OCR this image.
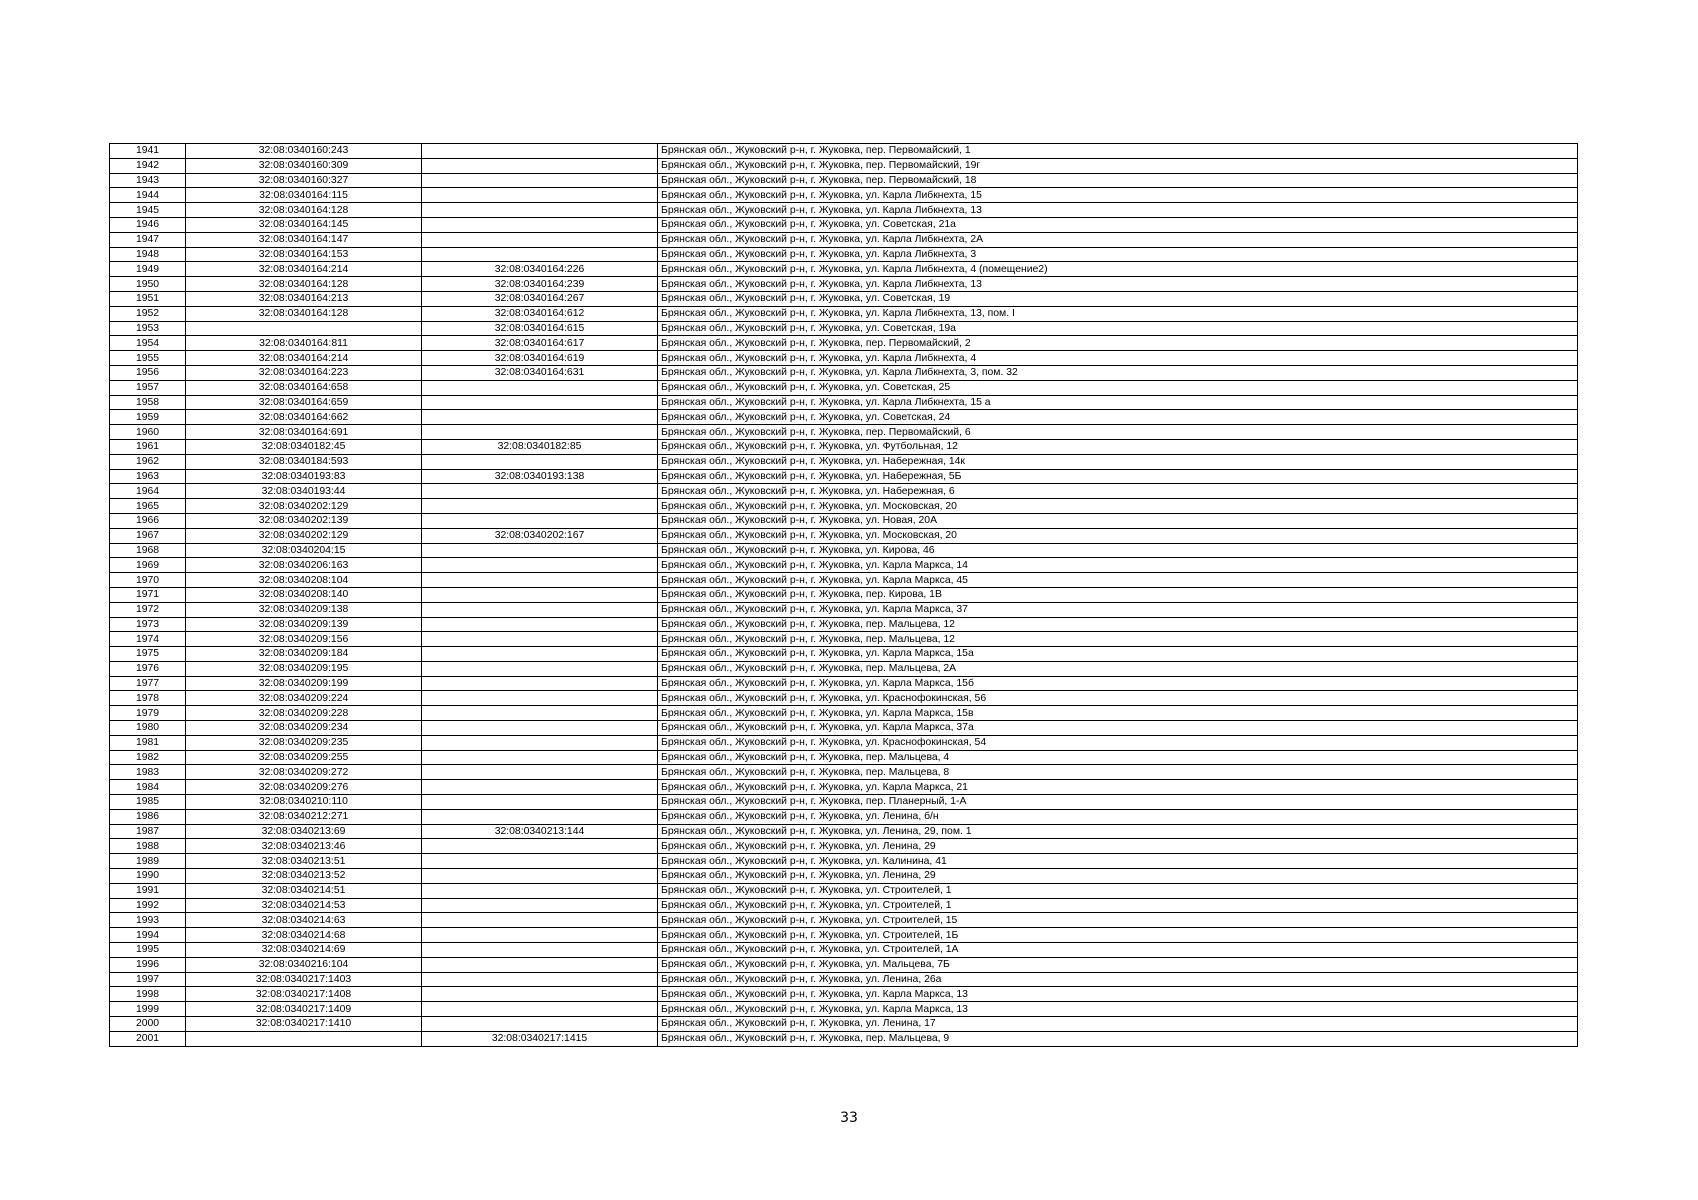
1941	32:08:0340160:243		Брянская обл., Жуковский р-н, г. Жуковка, пер. Первомайский, 1
1942	32:08:0340160:309		Брянская обл., Жуковский р-н, г. Жуковка, пер. Первомайский, 19г
1943	32:08:0340160:327		Брянская обл., Жуковский р-н, г. Жуковка, пер. Первомайский, 18
1944	32:08:0340164:115		Брянская обл., Жуковский р-н, г. Жуковка, ул. Карла Либкнехта, 15
1945	32:08:0340164:128		Брянская обл., Жуковский р-н, г. Жуковка, ул. Карла Либкнехта, 13
1946	32:08:0340164:145		Брянская обл., Жуковский р-н, г. Жуковка, ул. Советская, 21а
1947	32:08:0340164:147		Брянская обл., Жуковский р-н, г. Жуковка, ул. Карла Либкнехта, 2А
1948	32:08:0340164:153		Брянская обл., Жуковский р-н, г. Жуковка, ул. Карла Либкнехта, 3
1949	32:08:0340164:214	32:08:0340164:226	Брянская обл., Жуковский р-н, г. Жуковка, ул. Карла Либкнехта, 4 (помещение2)
1950	32:08:0340164:128	32:08:0340164:239	Брянская обл., Жуковский р-н, г. Жуковка, ул. Карла Либкнехта, 13
1951	32:08:0340164:213	32:08:0340164:267	Брянская обл., Жуковский р-н, г. Жуковка, ул. Советская, 19
1952	32:08:0340164:128	32:08:0340164:612	Брянская обл., Жуковский р-н, г. Жуковка, ул. Карла Либкнехта, 13, пом. I
1953		32:08:0340164:615	Брянская обл., Жуковский р-н, г. Жуковка, ул. Советская, 19а
1954	32:08:0340164:811	32:08:0340164:617	Брянская обл., Жуковский р-н, г. Жуковка, пер. Первомайский, 2
1955	32:08:0340164:214	32:08:0340164:619	Брянская обл., Жуковский р-н, г. Жуковка, ул. Карла Либкнехта, 4
1956	32:08:0340164:223	32:08:0340164:631	Брянская обл., Жуковский р-н, г. Жуковка, ул. Карла Либкнехта, 3, пом. 32
1957	32:08:0340164:658		Брянская обл., Жуковский р-н, г. Жуковка, ул. Советская, 25
1958	32:08:0340164:659		Брянская обл., Жуковский р-н, г. Жуковка, ул. Карла Либкнехта, 15 а
1959	32:08:0340164:662		Брянская обл., Жуковский р-н, г. Жуковка, ул. Советская, 24
1960	32:08:0340164:691		Брянская обл., Жуковский р-н, г. Жуковка, пер. Первомайский, 6
1961	32:08:0340182:45	32:08:0340182:85	Брянская обл., Жуковский р-н, г. Жуковка, ул. Футбольная, 12
1962	32:08:0340184:593		Брянская обл., Жуковский р-н, г. Жуковка, ул. Набережная, 14к
1963	32:08:0340193:83	32:08:0340193:138	Брянская обл., Жуковский р-н, г. Жуковка, ул. Набережная, 5Б
1964	32:08:0340193:44		Брянская обл., Жуковский р-н, г. Жуковка, ул. Набережная, 6
1965	32:08:0340202:129		Брянская обл., Жуковский р-н, г. Жуковка, ул. Московская, 20
1966	32:08:0340202:139		Брянская обл., Жуковский р-н, г. Жуковка, ул. Новая, 20А
1967	32:08:0340202:129	32:08:0340202:167	Брянская обл., Жуковский р-н, г. Жуковка, ул. Московская, 20
1968	32:08:0340204:15		Брянская обл., Жуковский р-н, г. Жуковка, ул. Кирова, 46
1969	32:08:0340206:163		Брянская обл., Жуковский р-н, г. Жуковка, ул. Карла Маркса, 14
1970	32:08:0340208:104		Брянская обл., Жуковский р-н, г. Жуковка, ул. Карла Маркса, 45
1971	32:08:0340208:140		Брянская обл., Жуковский р-н, г. Жуковка, пер. Кирова, 1В
1972	32:08:0340209:138		Брянская обл., Жуковский р-н, г. Жуковка, ул. Карла Маркса, 37
1973	32:08:0340209:139		Брянская обл., Жуковский р-н, г. Жуковка, пер. Мальцева, 12
1974	32:08:0340209:156		Брянская обл., Жуковский р-н, г. Жуковка, пер. Мальцева, 12
1975	32:08:0340209:184		Брянская обл., Жуковский р-н, г. Жуковка, ул. Карла Маркса, 15а
1976	32:08:0340209:195		Брянская обл., Жуковский р-н, г. Жуковка, пер. Мальцева, 2А
1977	32:08:0340209:199		Брянская обл., Жуковский р-н, г. Жуковка, ул. Карла Маркса, 15б
1978	32:08:0340209:224		Брянская обл., Жуковский р-н, г. Жуковка, ул. Краснофокинская, 56
1979	32:08:0340209:228		Брянская обл., Жуковский р-н, г. Жуковка, ул. Карла Маркса, 15в
1980	32:08:0340209:234		Брянская обл., Жуковский р-н, г. Жуковка, ул. Карла Маркса, 37а
1981	32:08:0340209:235		Брянская обл., Жуковский р-н, г. Жуковка, ул. Краснофокинская, 54
1982	32:08:0340209:255		Брянская обл., Жуковский р-н, г. Жуковка, пер. Мальцева, 4
1983	32:08:0340209:272		Брянская обл., Жуковский р-н, г. Жуковка, пер. Мальцева, 8
1984	32:08:0340209:276		Брянская обл., Жуковский р-н, г. Жуковка, ул. Карла Маркса, 21
1985	32:08:0340210:110		Брянская обл., Жуковский р-н, г. Жуковка, пер. Планерный, 1-А
1986	32:08:0340212:271		Брянская обл., Жуковский р-н, г. Жуковка, ул. Ленина, б/н
1987	32:08:0340213:69	32:08:0340213:144	Брянская обл., Жуковский р-н, г. Жуковка, ул. Ленина, 29, пом. 1
1988	32:08:0340213:46		Брянская обл., Жуковский р-н, г. Жуковка, ул. Ленина, 29
1989	32:08:0340213:51		Брянская обл., Жуковский р-н, г. Жуковка, ул. Калинина, 41
1990	32:08:0340213:52		Брянская обл., Жуковский р-н, г. Жуковка, ул. Ленина, 29
1991	32:08:0340214:51		Брянская обл., Жуковский р-н, г. Жуковка, ул. Строителей, 1
1992	32:08:0340214:53		Брянская обл., Жуковский р-н, г. Жуковка, ул. Строителей, 1
1993	32:08:0340214:63		Брянская обл., Жуковский р-н, г. Жуковка, ул. Строителей, 15
1994	32:08:0340214:68		Брянская обл., Жуковский р-н, г. Жуковка, ул. Строителей, 1Б
1995	32:08:0340214:69		Брянская обл., Жуковский р-н, г. Жуковка, ул. Строителей, 1А
1996	32:08:0340216:104		Брянская обл., Жуковский р-н, г. Жуковка, ул. Мальцева, 7Б
1997	32:08:0340217:1403		Брянская обл., Жуковский р-н, г. Жуковка, ул. Ленина, 26а
1998	32:08:0340217:1408		Брянская обл., Жуковский р-н, г. Жуковка, ул. Карла Маркса, 13
1999	32:08:0340217:1409		Брянская обл., Жуковский р-н, г. Жуковка, ул. Карла Маркса, 13
2000	32:08:0340217:1410		Брянская обл., Жуковский р-н, г. Жуковка, ул. Ленина, 17
2001		32:08:0340217:1415	Брянская обл., Жуковский р-н, г. Жуковка, пер. Мальцева, 9
33
